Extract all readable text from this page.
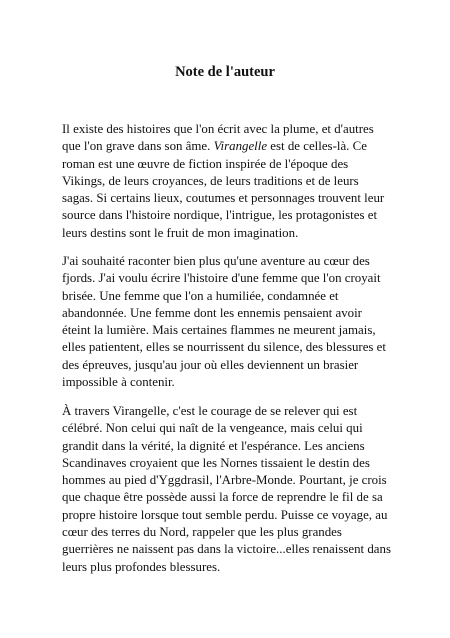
Note de l'auteur

Il existe des histoires que l'on écrit avec la plume, et d'autres que l'on grave dans son âme. Virangelle est de celles-là. Ce roman est une œuvre de fiction inspirée de l'époque des Vikings, de leurs croyances, de leurs traditions et de leurs sagas. Si certains lieux, coutumes et personnages trouvent leur source dans l'histoire nordique, l'intrigue, les protagonistes et leurs destins sont le fruit de mon imagination.

J'ai souhaité raconter bien plus qu'une aventure au cœur des fjords. J'ai voulu écrire l'histoire d'une femme que l'on croyait brisée. Une femme que l'on a humiliée, condamnée et abandonnée. Une femme dont les ennemis pensaient avoir éteint la lumière. Mais certaines flammes ne meurent jamais, elles patientent, elles se nourrissent du silence, des blessures et des épreuves, jusqu'au jour où elles deviennent un brasier impossible à contenir.

À travers Virangelle, c'est le courage de se relever qui est célébré. Non celui qui naît de la vengeance, mais celui qui grandit dans la vérité, la dignité et l'espérance. Les anciens Scandinaves croyaient que les Nornes tissaient le destin des hommes au pied d'Yggdrasil, l'Arbre-Monde. Pourtant, je crois que chaque être possède aussi la force de reprendre le fil de sa propre histoire lorsque tout semble perdu. Puisse ce voyage, au cœur des terres du Nord, rappeler que les plus grandes guerrières ne naissent pas dans la victoire...elles renaissent dans leurs plus profondes blessures.
